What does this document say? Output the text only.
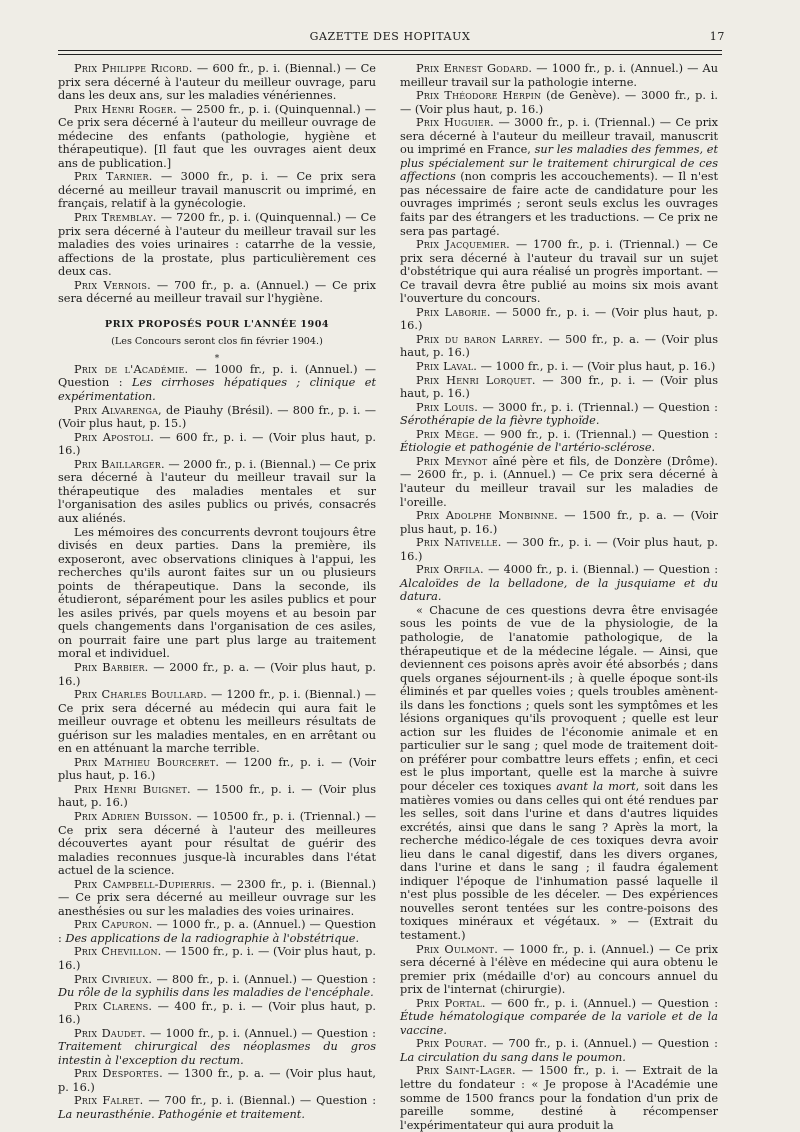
GAZETTE DES HOPITAUX	17

Prix Philippe Ricord. — 600 fr., p. i. (Biennal.) — Ce prix sera décerné à l'auteur du meilleur ouvrage, paru dans les deux ans, sur les maladies vénériennes.

Prix Henri Roger. — 2500 fr., p. i. (Quinquennal.) — Ce prix sera décerné à l'auteur du meilleur ouvrage de médecine des enfants (pathologie, hygiène et thérapeutique). [Il faut que les ouvrages aient deux ans de publication.]

Prix Tarnier. — 3000 fr., p. i. — Ce prix sera décerné au meilleur travail manuscrit ou imprimé, en français, relatif à la gynécologie.

Prix Tremblay. — 7200 fr., p. i. (Quinquennal.) — Ce prix sera décerné à l'auteur du meilleur travail sur les maladies des voies urinaires : catarrhe de la vessie, affections de la prostate, plus particulièrement ces deux cas.

Prix Vernois. — 700 fr., p. a. (Annuel.) — Ce prix sera décerné au meilleur travail sur l'hygiène.

PRIX PROPOSÉS POUR L'ANNÉE 1904

(Les Concours seront clos fin février 1904.)

*

Prix de l'Académie. — 1000 fr., p. i. (Annuel.) — Question : Les cirrhoses hépatiques ; clinique et expérimentation.

Prix Alvarenga, de Piauhy (Brésil). — 800 fr., p. i. — (Voir plus haut, p. 15.)

Prix Apostoli. — 600 fr., p. i. — (Voir plus haut, p. 16.)

Prix Baillarger. — 2000 fr., p. i. (Biennal.) — Ce prix sera décerné à l'auteur du meilleur travail sur la thérapeutique des maladies mentales et sur l'organisation des asiles publics ou privés, consacrés aux aliénés.

Les mémoires des concurrents devront toujours être divisés en deux parties. Dans la première, ils exposeront, avec observations cliniques à l'appui, les recherches qu'ils auront faites sur un ou plusieurs points de thérapeutique. Dans la seconde, ils étudieront, séparément pour les asiles publics et pour les asiles privés, par quels moyens et au besoin par quels changements dans l'organisation de ces asiles, on pourrait faire une part plus large au traitement moral et individuel.

Prix Barbier. — 2000 fr., p. a. — (Voir plus haut, p. 16.)

Prix Charles Boullard. — 1200 fr., p. i. (Biennal.) — Ce prix sera décerné au médecin qui aura fait le meilleur ouvrage et obtenu les meilleurs résultats de guérison sur les maladies mentales, en en arrêtant ou en en atténuant la marche terrible.

Prix Mathieu Bourceret. — 1200 fr., p. i. — (Voir plus haut, p. 16.)

Prix Henri Buignet. — 1500 fr., p. i. — (Voir plus haut, p. 16.)

Prix Adrien Buisson. — 10500 fr., p. i. (Triennal.) — Ce prix sera décerné à l'auteur des meilleures découvertes ayant pour résultat de guérir des maladies reconnues jusque-là incurables dans l'état actuel de la science.

Prix Campbell-Dupierris. — 2300 fr., p. i. (Biennal.) — Ce prix sera décerné au meilleur ouvrage sur les anesthésies ou sur les maladies des voies urinaires.

Prix Capuron. — 1000 fr., p. a. (Annuel.) — Question : Des applications de la radiographie à l'obstétrique.

Prix Chevillon. — 1500 fr., p. i. — (Voir plus haut, p. 16.)

Prix Civrieux. — 800 fr., p. i. (Annuel.) — Question : Du rôle de la syphilis dans les maladies de l'encéphale.

Prix Clarens. — 400 fr., p. i. — (Voir plus haut, p. 16.)

Prix Daudet. — 1000 fr., p. i. (Annuel.) — Question : Traitement chirurgical des néoplasmes du gros intestin à l'exception du rectum.

Prix Desportes. — 1300 fr., p. a. — (Voir plus haut, p. 16.)

Prix Falret. — 700 fr., p. i. (Biennal.) — Question : La neurasthénie. Pathogénie et traitement.

Prix Ernest Godard. — 1000 fr., p. i. (Annuel.) — Au meilleur travail sur la pathologie interne.

Prix Théodore Herpin (de Genève). — 3000 fr., p. i. — (Voir plus haut, p. 16.)

Prix Huguier. — 3000 fr., p. i. (Triennal.) — Ce prix sera décerné à l'auteur du meilleur travail, manuscrit ou imprimé en France, sur les maladies des femmes, et plus spécialement sur le traitement chirurgical de ces affections (non compris les accouchements). — Il n'est pas nécessaire de faire acte de candidature pour les ouvrages imprimés ; seront seuls exclus les ouvrages faits par des étrangers et les traductions. — Ce prix ne sera pas partagé.

Prix Jacquemier. — 1700 fr., p. i. (Triennal.) — Ce prix sera décerné à l'auteur du travail sur un sujet d'obstétrique qui aura réalisé un progrès important. — Ce travail devra être publié au moins six mois avant l'ouverture du concours.

Prix Laborie. — 5000 fr., p. i. — (Voir plus haut, p. 16.)

Prix du baron Larrey. — 500 fr., p. a. — (Voir plus haut, p. 16.)

Prix Laval. — 1000 fr., p. i. — (Voir plus haut, p. 16.)

Prix Henri Lorquet. — 300 fr., p. i. — (Voir plus haut, p. 16.)

Prix Louis. — 3000 fr., p. i. (Triennal.) — Question : Sérothérapie de la fièvre typhoïde.

Prix Mège. — 900 fr., p. i. (Triennal.) — Question : Étiologie et pathogénie de l'artério-sclérose.

Prix Meynot aîné père et fils, de Donzère (Drôme). — 2600 fr., p. i. (Annuel.) — Ce prix sera décerné à l'auteur du meilleur travail sur les maladies de l'oreille.

Prix Adolphe Monbinne. — 1500 fr., p. a. — (Voir plus haut, p. 16.)

Prix Nativelle. — 300 fr., p. i. — (Voir plus haut, p. 16.)

Prix Orfila. — 4000 fr., p. i. (Biennal.) — Question : Alcaloïdes de la belladone, de la jusquiame et du datura.

« Chacune de ces questions devra être envisagée sous les points de vue de la physiologie, de la pathologie, de l'anatomie pathologique, de la thérapeutique et de la médecine légale. — Ainsi, que deviennent ces poisons après avoir été absorbés ; dans quels organes séjournent-ils ; à quelle époque sont-ils éliminés et par quelles voies ; quels troubles amènent-ils dans les fonctions ; quels sont les symptômes et les lésions organiques qu'ils provoquent ; quelle est leur action sur les fluides de l'économie animale et en particulier sur le sang ; quel mode de traitement doit-on préférer pour combattre leurs effets ; enfin, et ceci est le plus important, quelle est la marche à suivre pour déceler ces toxiques avant la mort, soit dans les matières vomies ou dans celles qui ont été rendues par les selles, soit dans l'urine et dans d'autres liquides excrétés, ainsi que dans le sang ? Après la mort, la recherche médico-légale de ces toxiques devra avoir lieu dans le canal digestif, dans les divers organes, dans l'urine et dans le sang ; il faudra également indiquer l'époque de l'inhumation passé laquelle il n'est plus possible de les déceler. — Des expériences nouvelles seront tentées sur les contre-poisons des toxiques minéraux et végétaux. » — (Extrait du testament.)

Prix Oulmont. — 1000 fr., p. i. (Annuel.) — Ce prix sera décerné à l'élève en médecine qui aura obtenu le premier prix (médaille d'or) au concours annuel du prix de l'internat (chirurgie).

Prix Portal. — 600 fr., p. i. (Annuel.) — Question : Étude hématologique comparée de la variole et de la vaccine.

Prix Pourat. — 700 fr., p. i. (Annuel.) — Question : La circulation du sang dans le poumon.

Prix Saint-Lager. — 1500 fr., p. i. — Extrait de la lettre du fondateur : « Je propose à l'Académie une somme de 1500 francs pour la fondation d'un prix de pareille somme, destiné à récompenser l'expérimentateur qui aura produit la
